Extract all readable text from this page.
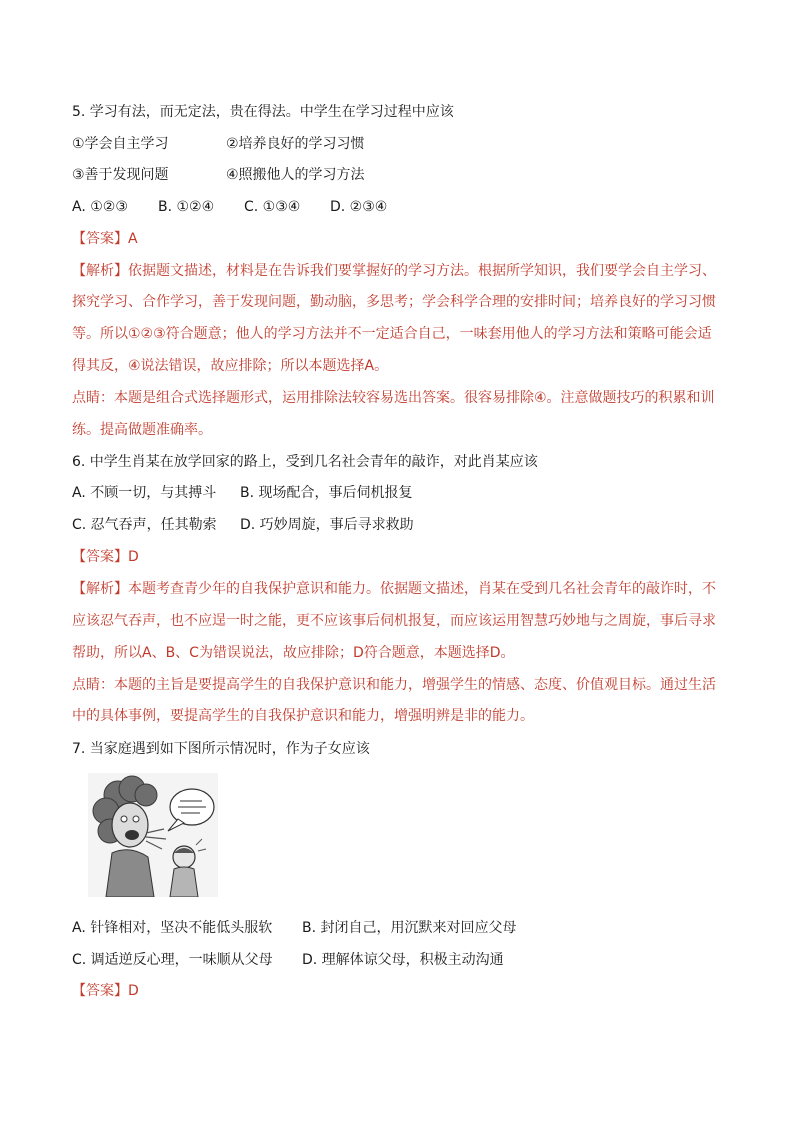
5. 学习有法，而无定法，贵在得法。中学生在学习过程中应该
①学会自主学习	②培养良好的学习习惯
③善于发现问题	④照搬他人的学习方法
A. ①②③ B. ①②④ C. ①③④ D. ②③④
【答案】A
【解析】依据题文描述，材料是在告诉我们要掌握好的学习方法。根据所学知识，我们要学会自主学习、
探究学习、合作学习，善于发现问题，勤动脑，多思考；学会科学合理的安排时间；培养良好的学习习惯
等。所以①②③符合题意；他人的学习方法并不一定适合自己，一味套用他人的学习方法和策略可能会适
得其反，④说法错误，故应排除；所以本题选择A。
点睛：本题是组合式选择题形式，运用排除法较容易选出答案。很容易排除④。注意做题技巧的积累和训
练。提高做题准确率。
6. 中学生肖某在放学回家的路上，受到几名社会青年的敲诈，对此肖某应该
A. 不顾一切，与其搏斗 B. 现场配合，事后伺机报复
C. 忍气吞声，任其勒索 D. 巧妙周旋，事后寻求救助
【答案】D
【解析】本题考查青少年的自我保护意识和能力。依据题文描述，肖某在受到几名社会青年的敲诈时，不
应该忍气吞声，也不应逞一时之能，更不应该事后伺机报复，而应该运用智慧巧妙地与之周旋，事后寻求
帮助，所以A、B、C为错误说法，故应排除；D符合题意，本题选择D。
点睛：本题的主旨是要提高学生的自我保护意识和能力，增强学生的情感、态度、价值观目标。通过生活
中的具体事例，要提高学生的自我保护意识和能力，增强明辨是非的能力。
7. 当家庭遇到如下图所示情况时，作为子女应该
A. 针锋相对，坚决不能低头服软 B. 封闭自己，用沉默来对回应父母
C. 调适逆反心理，一味顺从父母 D. 理解体谅父母，积极主动沟通
【答案】D
